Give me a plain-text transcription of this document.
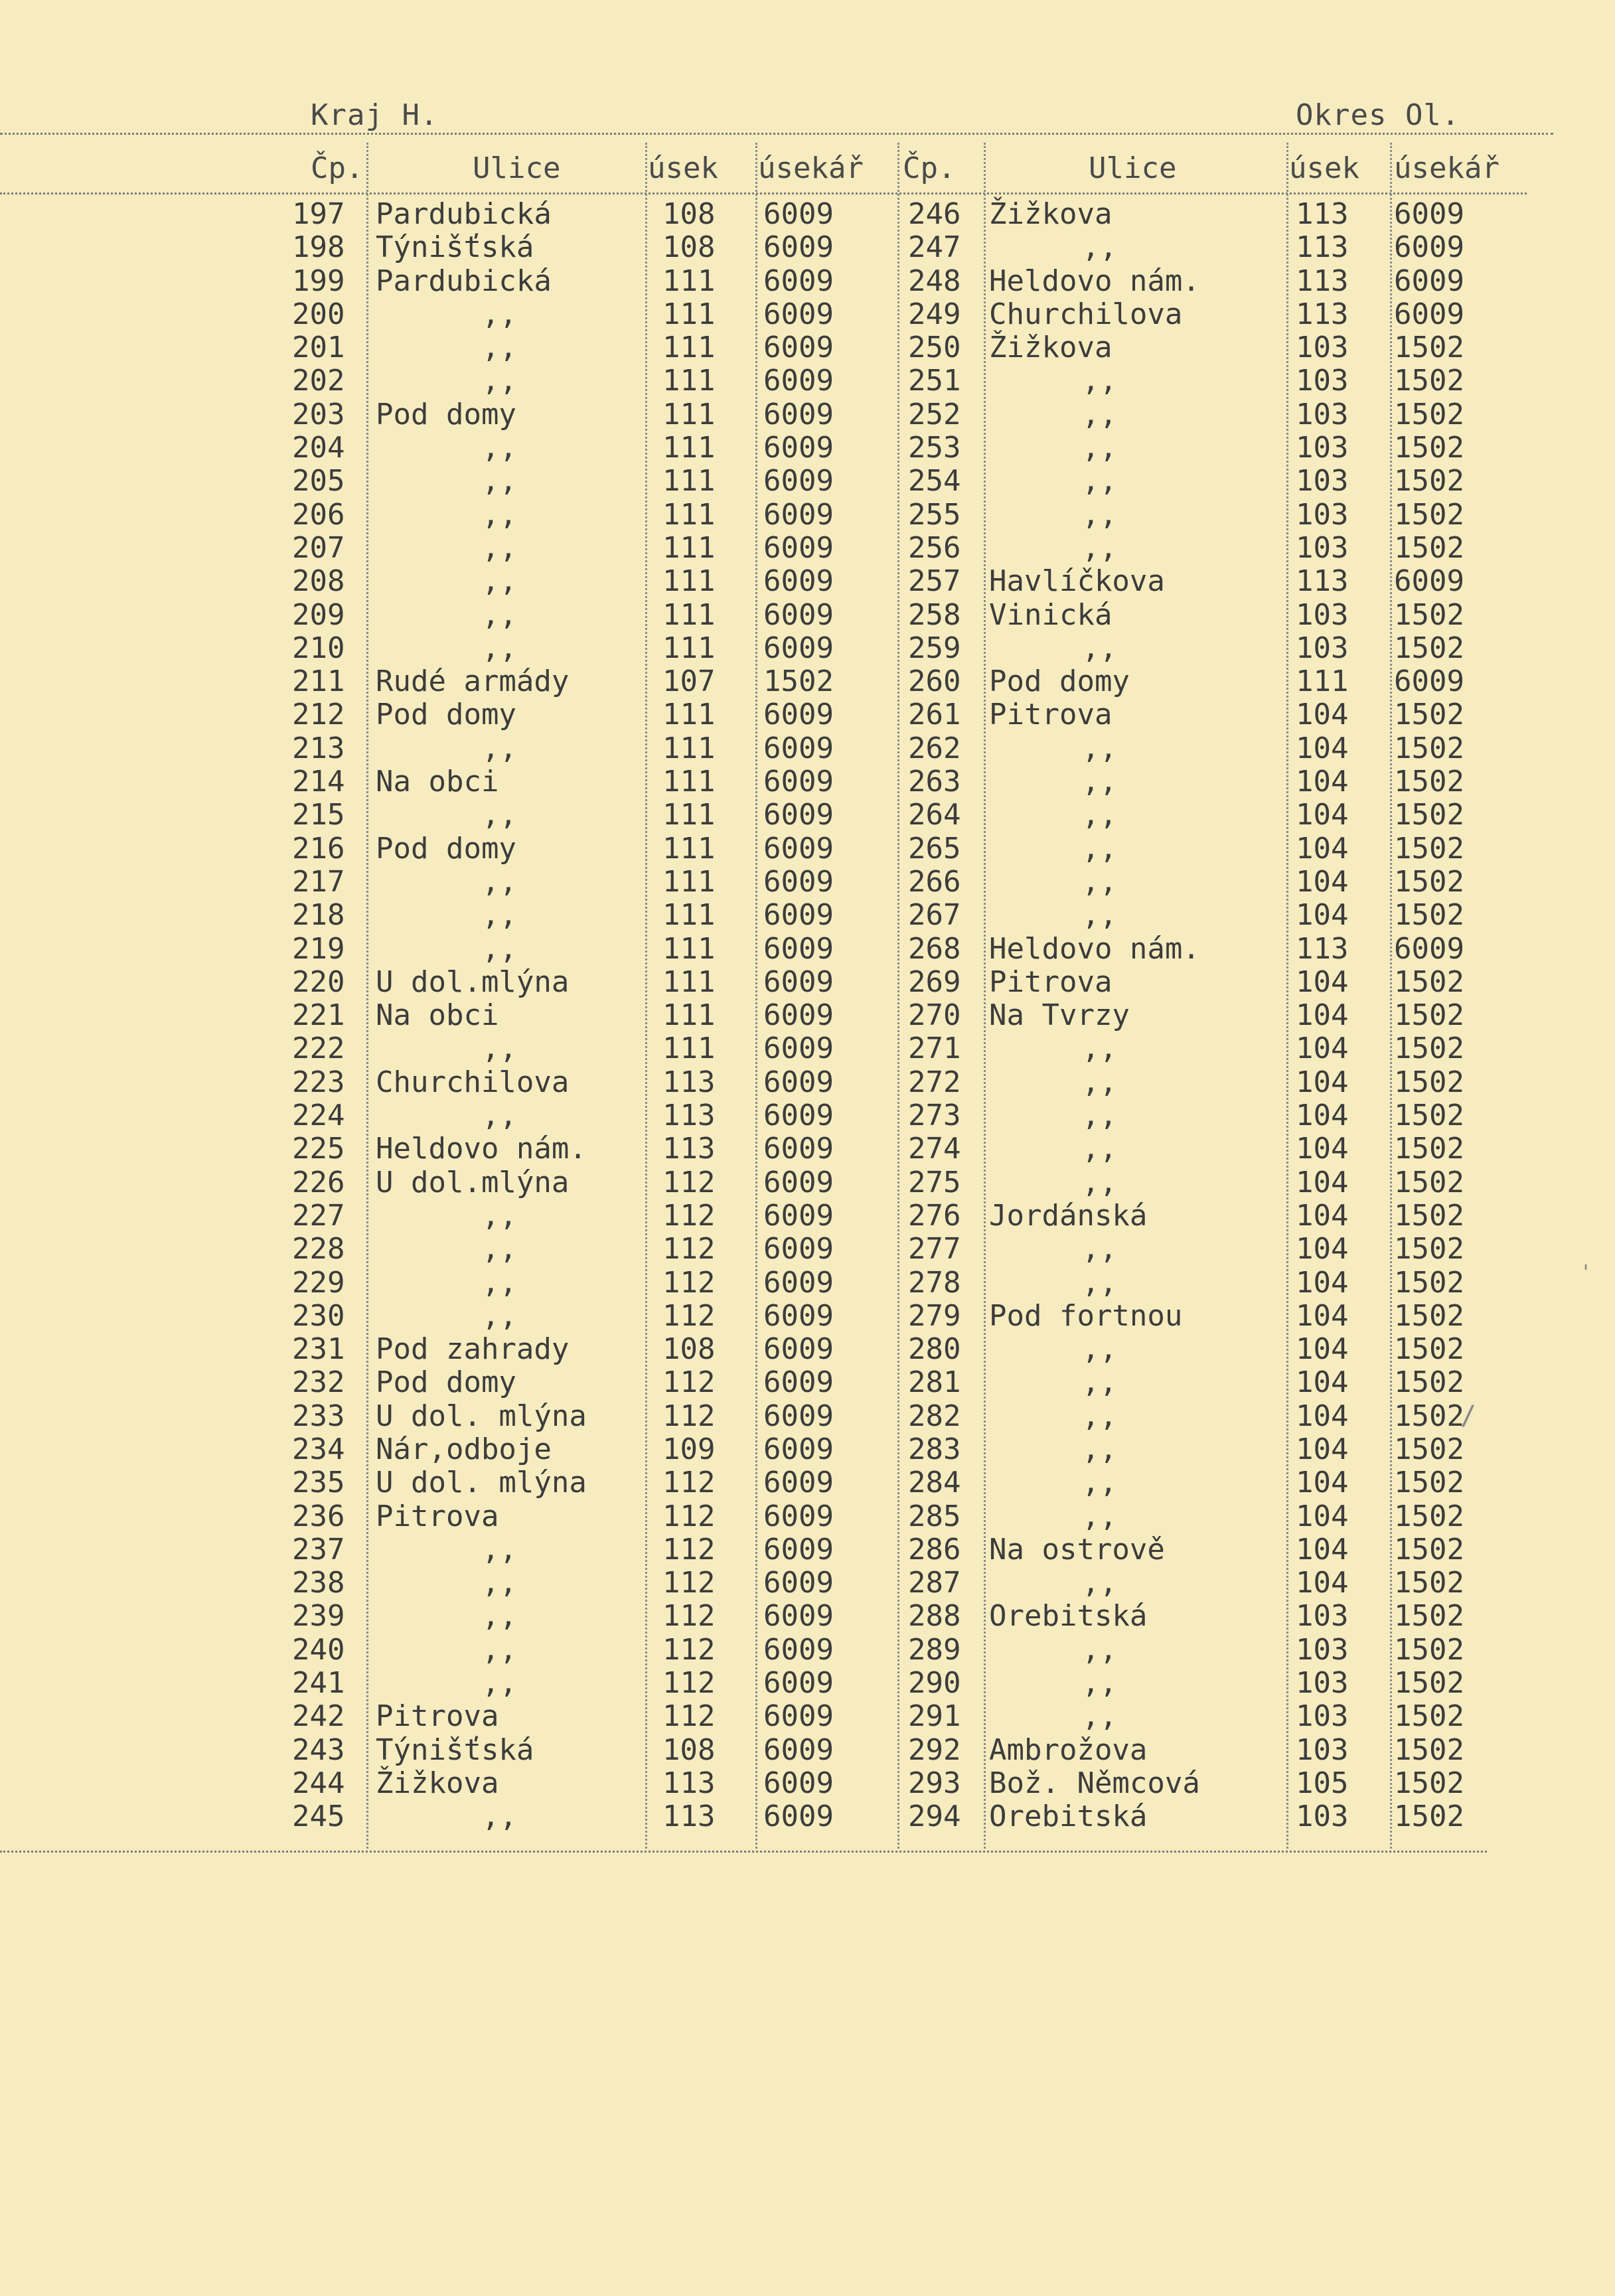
Kraj H.	Okres Ol.
Čp.	Ulice	úsek úsekář Čp.	Ulice	úsek úsekář
197 Pardubická	108 6009
198 Týnišťská	108 6009
199 Pardubická	111 6009
200	,,	111 6009
201	,,	111 6009
202	,,	111 6009
203 Pod domy	111 6009
204	,,	111 6009
205	,,	111 6009
206	,,	111 6009
207	,,	111 6009
208	,,	111 6009
209	,,	111 6009
210	,,	111 6009
211 Rudé armády	107 1502
212 Pod domy	111 6009
213	,,	111 6009
214 Na obci	111 6009
215	,,	111 6009
216 Pod domy	111 6009
217	,,	111 6009
218	,,	111 6009
219	,,	111 6009
220 U dol.mlýna	111 6009
221 Na obci	111 6009
222	,,	111 6009
223 Churchilova	113 6009
224	,,	113 6009
225 Heldovo nám.	113 6009
226 U dol.mlýna	112 6009
227	,,	112 6009
228	,,	112 6009
229	,,	112 6009
230	,,	112 6009
231 Pod zahrady	108 6009
232 Pod domy	112 6009
233 U dol. mlýna	112 6009
234 Nár,odboje	109 6009
235 U dol. mlýna	112 6009
236 Pitrova	112 6009
237	,,	112 6009
238	,,	112 6009
239	,,	112 6009
240	,,	112 6009
241	,,	112 6009
242 Pitrova	112 6009
243 Týnišťská	108 6009
244 Žižkova	113 6009
245	,,	113 6009
246 Žižkova	113 6009
247	,,	113 6009
248 Heldovo nám.	113 6009
249 Churchilova	113 6009
250 Žižkova	103 1502
251	,,	103 1502
252	,,	103 1502
253	,,	103 1502
254	,,	103 1502
255	,,	103 1502
256	,,	103 1502
257 Havlíčkova	113 6009
258 Vinická	103 1502
259	,,	103 1502
260 Pod domy	111 6009
261 Pitrova	104 1502
262	,,	104 1502
263	,,	104 1502
264	,,	104 1502
265	,,	104 1502
266	,,	104 1502
267	,,	104 1502
268 Heldovo nám.	113 6009
269 Pitrova	104 1502
270 Na Tvrzy	104 1502
271	,,	104 1502
272	,,	104 1502
273	,,	104 1502
274	,,	104 1502
275	,,	104 1502
276 Jordánská	104 1502
277	,,	104 1502
278	,,	104 1502
279 Pod fortnou	104 1502
280	,,	104 1502
281	,,	104 1502
282	,,	104 1502
283	,,	104 1502
284	,,	104 1502
285	,,	104 1502
286 Na ostrově	104 1502
287	,,	104 1502
288 Orebitská	103 1502
289	,,	103 1502
290	,,	103 1502
291	,,	103 1502
292 Ambrožova	103 1502
293 Bož. Němcová	105 1502
294 Orebitská	103 1502
'
/
